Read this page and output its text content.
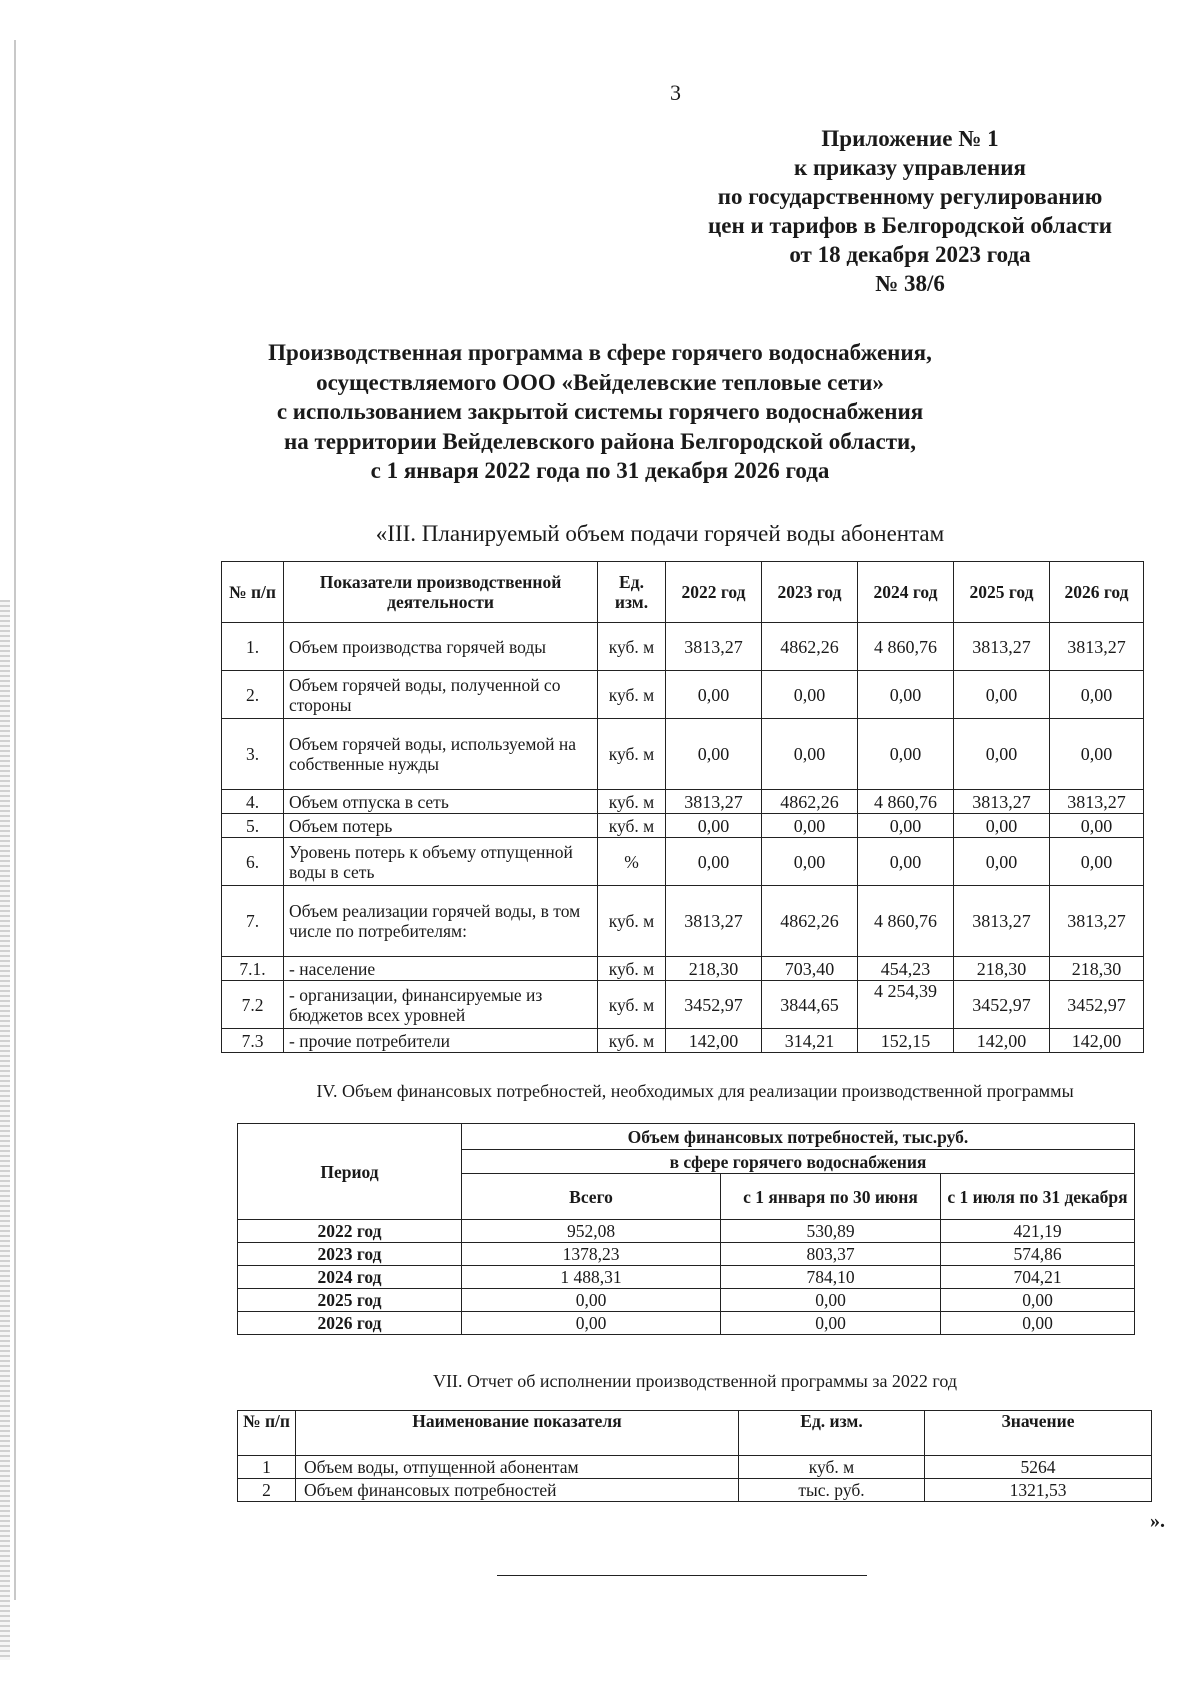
3
Приложение № 1
к приказу управления
по государственному регулированию
цен и тарифов в Белгородской области
от 18 декабря 2023 года
№ 38/6
Производственная программа в сфере горячего водоснабжения,
осуществляемого ООО «Вейделевские тепловые сети»
с использованием закрытой системы горячего водоснабжения
на территории Вейделевского района Белгородской области,
с 1 января 2022 года по 31 декабря 2026 года
«III. Планируемый объем подачи горячей воды абонентам
№ п/п	Показатели производственной деятельности	Ед. изм.	2022 год	2023 год	2024 год	2025 год	2026 год
1.	Объем производства горячей воды	куб. м	3813,27	4862,26	4 860,76	3813,27	3813,27
2.	Объем горячей воды, полученной со стороны	куб. м	0,00	0,00	0,00	0,00	0,00
3.	Объем горячей воды, используемой на собственные нужды	куб. м	0,00	0,00	0,00	0,00	0,00
4.	Объем отпуска в сеть	куб. м	3813,27	4862,26	4 860,76	3813,27	3813,27
5.	Объем потерь	куб. м	0,00	0,00	0,00	0,00	0,00
6.	Уровень потерь к объему отпущенной воды в сеть	%	0,00	0,00	0,00	0,00	0,00
7.	Объем реализации горячей воды, в том числе по потребителям:	куб. м	3813,27	4862,26	4 860,76	3813,27	3813,27
7.1.	- население	куб. м	218,30	703,40	454,23	218,30	218,30
7.2	- организации, финансируемые из бюджетов всех уровней	куб. м	3452,97	3844,65	4 254,39	3452,97	3452,97
7.3	- прочие потребители	куб. м	142,00	314,21	152,15	142,00	142,00
IV. Объем финансовых потребностей, необходимых для реализации производственной программы
Период	Объем финансовых потребностей, тыс.руб.		
	в сфере горячего водоснабжения		
	Всего	с 1 января по 30 июня	с 1 июля по 31 декабря
2022 год	952,08	530,89	421,19
2023 год	1378,23	803,37	574,86
2024 год	1 488,31	784,10	704,21
2025 год	0,00	0,00	0,00
2026 год	0,00	0,00	0,00
VII. Отчет об исполнении производственной программы за 2022 год
№ п/п	Наименование показателя	Ед. изм.	Значение
1	Объем воды, отпущенной абонентам	куб. м	5264
2	Объем финансовых потребностей	тыс. руб.	1321,53
».
